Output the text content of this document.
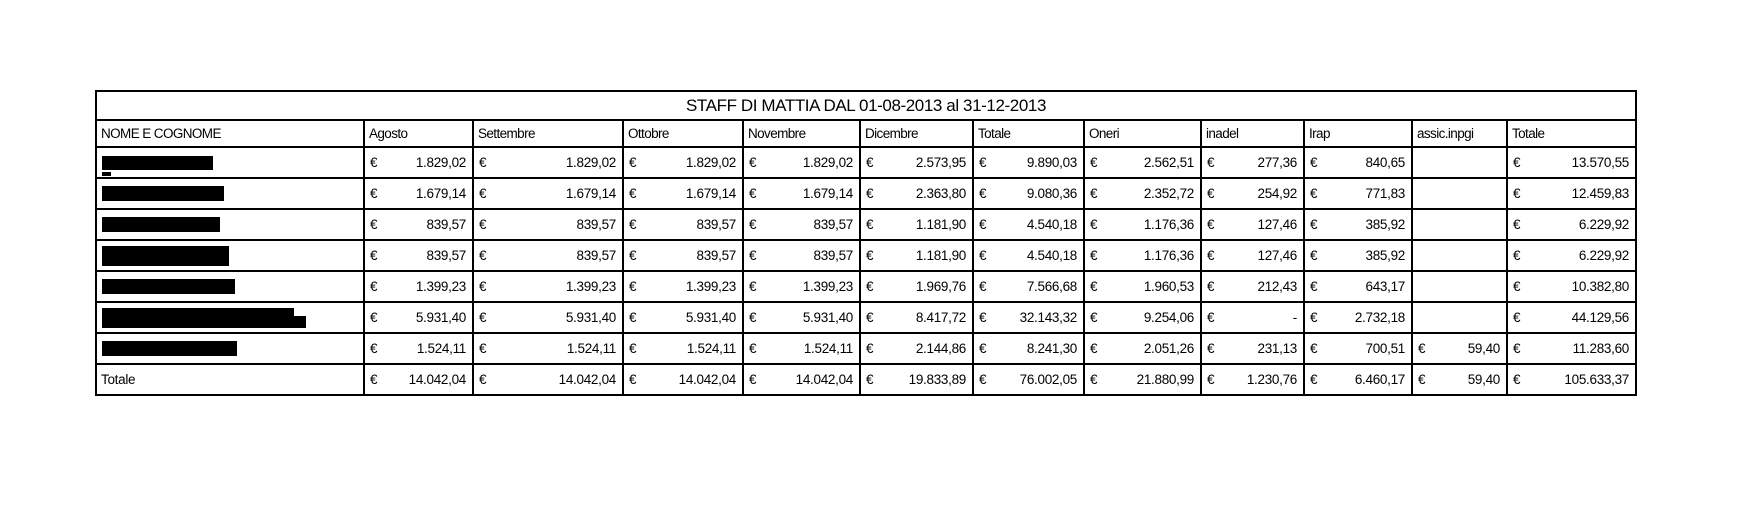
STAFF DI MATTIA DAL 01-08-2013 al 31-12-2013											
NOME E COGNOME	Agosto	Settembre	Ottobre	Novembre	Dicembre	Totale	Oneri	inadel	Irap	assic.inpgi	Totale

	€ 1.829,02	€ 1.829,02	€ 1.829,02	€ 1.829,02	€ 2.573,95	€ 9.890,03	€ 2.562,51	€ 277,36	€ 840,65		€ 13.570,55

	€ 1.679,14	€ 1.679,14	€ 1.679,14	€ 1.679,14	€ 2.363,80	€ 9.080,36	€ 2.352,72	€ 254,92	€ 771,83		€ 12.459,83

	€ 839,57	€ 839,57	€ 839,57	€ 839,57	€ 1.181,90	€ 4.540,18	€ 1.176,36	€ 127,46	€ 385,92		€ 6.229,92

	€ 839,57	€ 839,57	€ 839,57	€ 839,57	€ 1.181,90	€ 4.540,18	€ 1.176,36	€ 127,46	€ 385,92		€ 6.229,92

	€ 1.399,23	€ 1.399,23	€ 1.399,23	€ 1.399,23	€ 1.969,76	€ 7.566,68	€ 1.960,53	€ 212,43	€ 643,17		€ 10.382,80

	€ 5.931,40	€ 5.931,40	€ 5.931,40	€ 5.931,40	€ 8.417,72	€ 32.143,32	€ 9.254,06	€ -	€ 2.732,18		€ 44.129,56

	€ 1.524,11	€ 1.524,11	€ 1.524,11	€ 1.524,11	€ 2.144,86	€ 8.241,30	€ 2.051,26	€ 231,13	€ 700,51	€ 59,40	€ 11.283,60

Totale	€ 14.042,04	€ 14.042,04	€ 14.042,04	€ 14.042,04	€ 19.833,89	€ 76.002,05	€ 21.880,99	€ 1.230,76	€ 6.460,17	€ 59,40	€ 105.633,37
